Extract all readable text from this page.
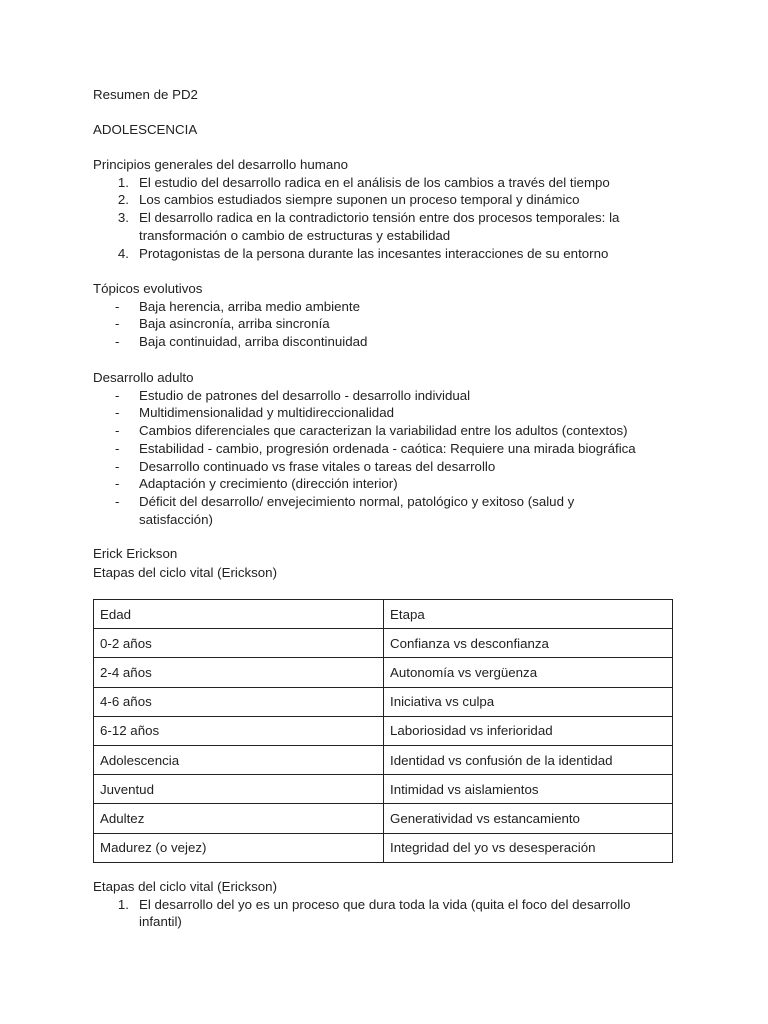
Resumen de PD2

ADOLESCENCIA

Principios generales del desarrollo humano

1. El estudio del desarrollo radica en el análisis de los cambios a través del tiempo
2. Los cambios estudiados siempre suponen un proceso temporal y dinámico
3. El desarrollo radica en la contradictorio tensión entre dos procesos temporales: la
transformación o cambio de estructuras y estabilidad
4. Protagonistas de la persona durante las incesantes interacciones de su entorno

Tópicos evolutivos

- Baja herencia, arriba medio ambiente
- Baja asincronía, arriba sincronía
- Baja continuidad, arriba discontinuidad

Desarrollo adulto

- Estudio de patrones del desarrollo - desarrollo individual
- Multidimensionalidad y multidireccionalidad
- Cambios diferenciales que caracterizan la variabilidad entre los adultos (contextos)
- Estabilidad - cambio, progresión ordenada - caótica: Requiere una mirada biográfica
- Desarrollo continuado vs frase vitales o tareas del desarrollo
- Adaptación y crecimiento (dirección interior)
- Déficit del desarrollo/ envejecimiento normal, patológico y exitoso (salud y
satisfacción)

Erick Erickson

Etapas del ciclo vital (Erickson)

Edad	Etapa
0-2 años	Confianza vs desconfianza
2-4 años	Autonomía vs vergüenza
4-6 años	Iniciativa vs culpa
6-12 años	Laboriosidad vs inferioridad
Adolescencia	Identidad vs confusión de la identidad
Juventud	Intimidad vs aislamientos
Adultez	Generatividad vs estancamiento
Madurez (o vejez)	Integridad del yo vs desesperación

Etapas del ciclo vital (Erickson)

1. El desarrollo del yo es un proceso que dura toda la vida (quita el foco del desarrollo
infantil)
